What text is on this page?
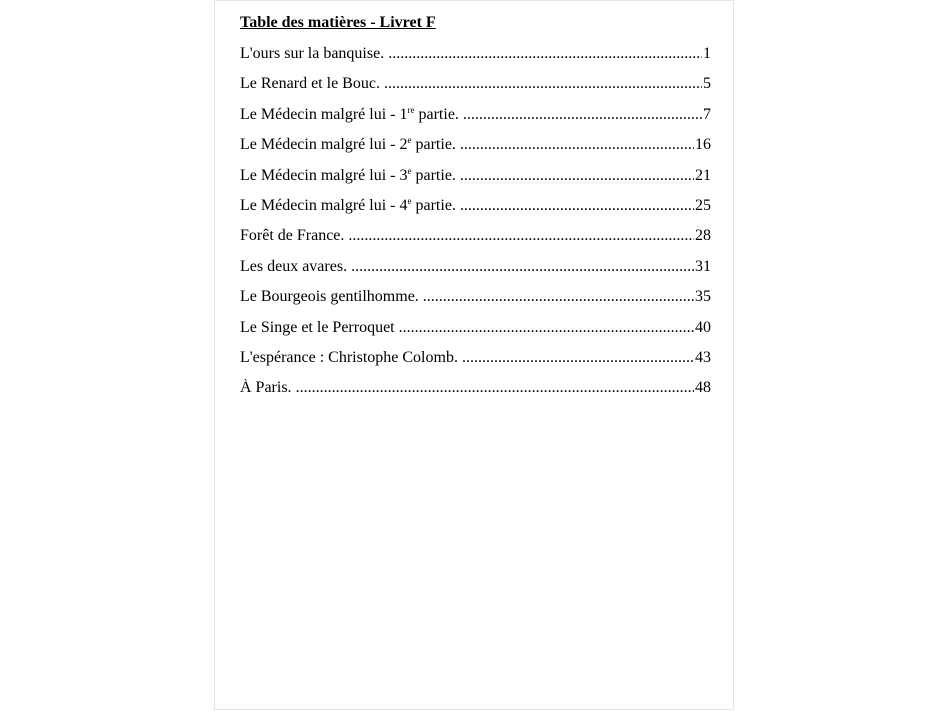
Table des matières - Livret F
L'ours sur la banquise. .....	1
Le Renard et le Bouc. .....	5
Le Médecin malgré lui - 1re partie. .....	7
Le Médecin malgré lui - 2e partie. .....	16
Le Médecin malgré lui - 3e partie. .....	21
Le Médecin malgré lui - 4e partie. .....	25
Forêt de France. .....	28
Les deux avares. .....	31
Le Bourgeois gentilhomme. .....	35
Le Singe et le Perroquet .....	40
L'espérance : Christophe Colomb. .....	43
À Paris. .....	48
